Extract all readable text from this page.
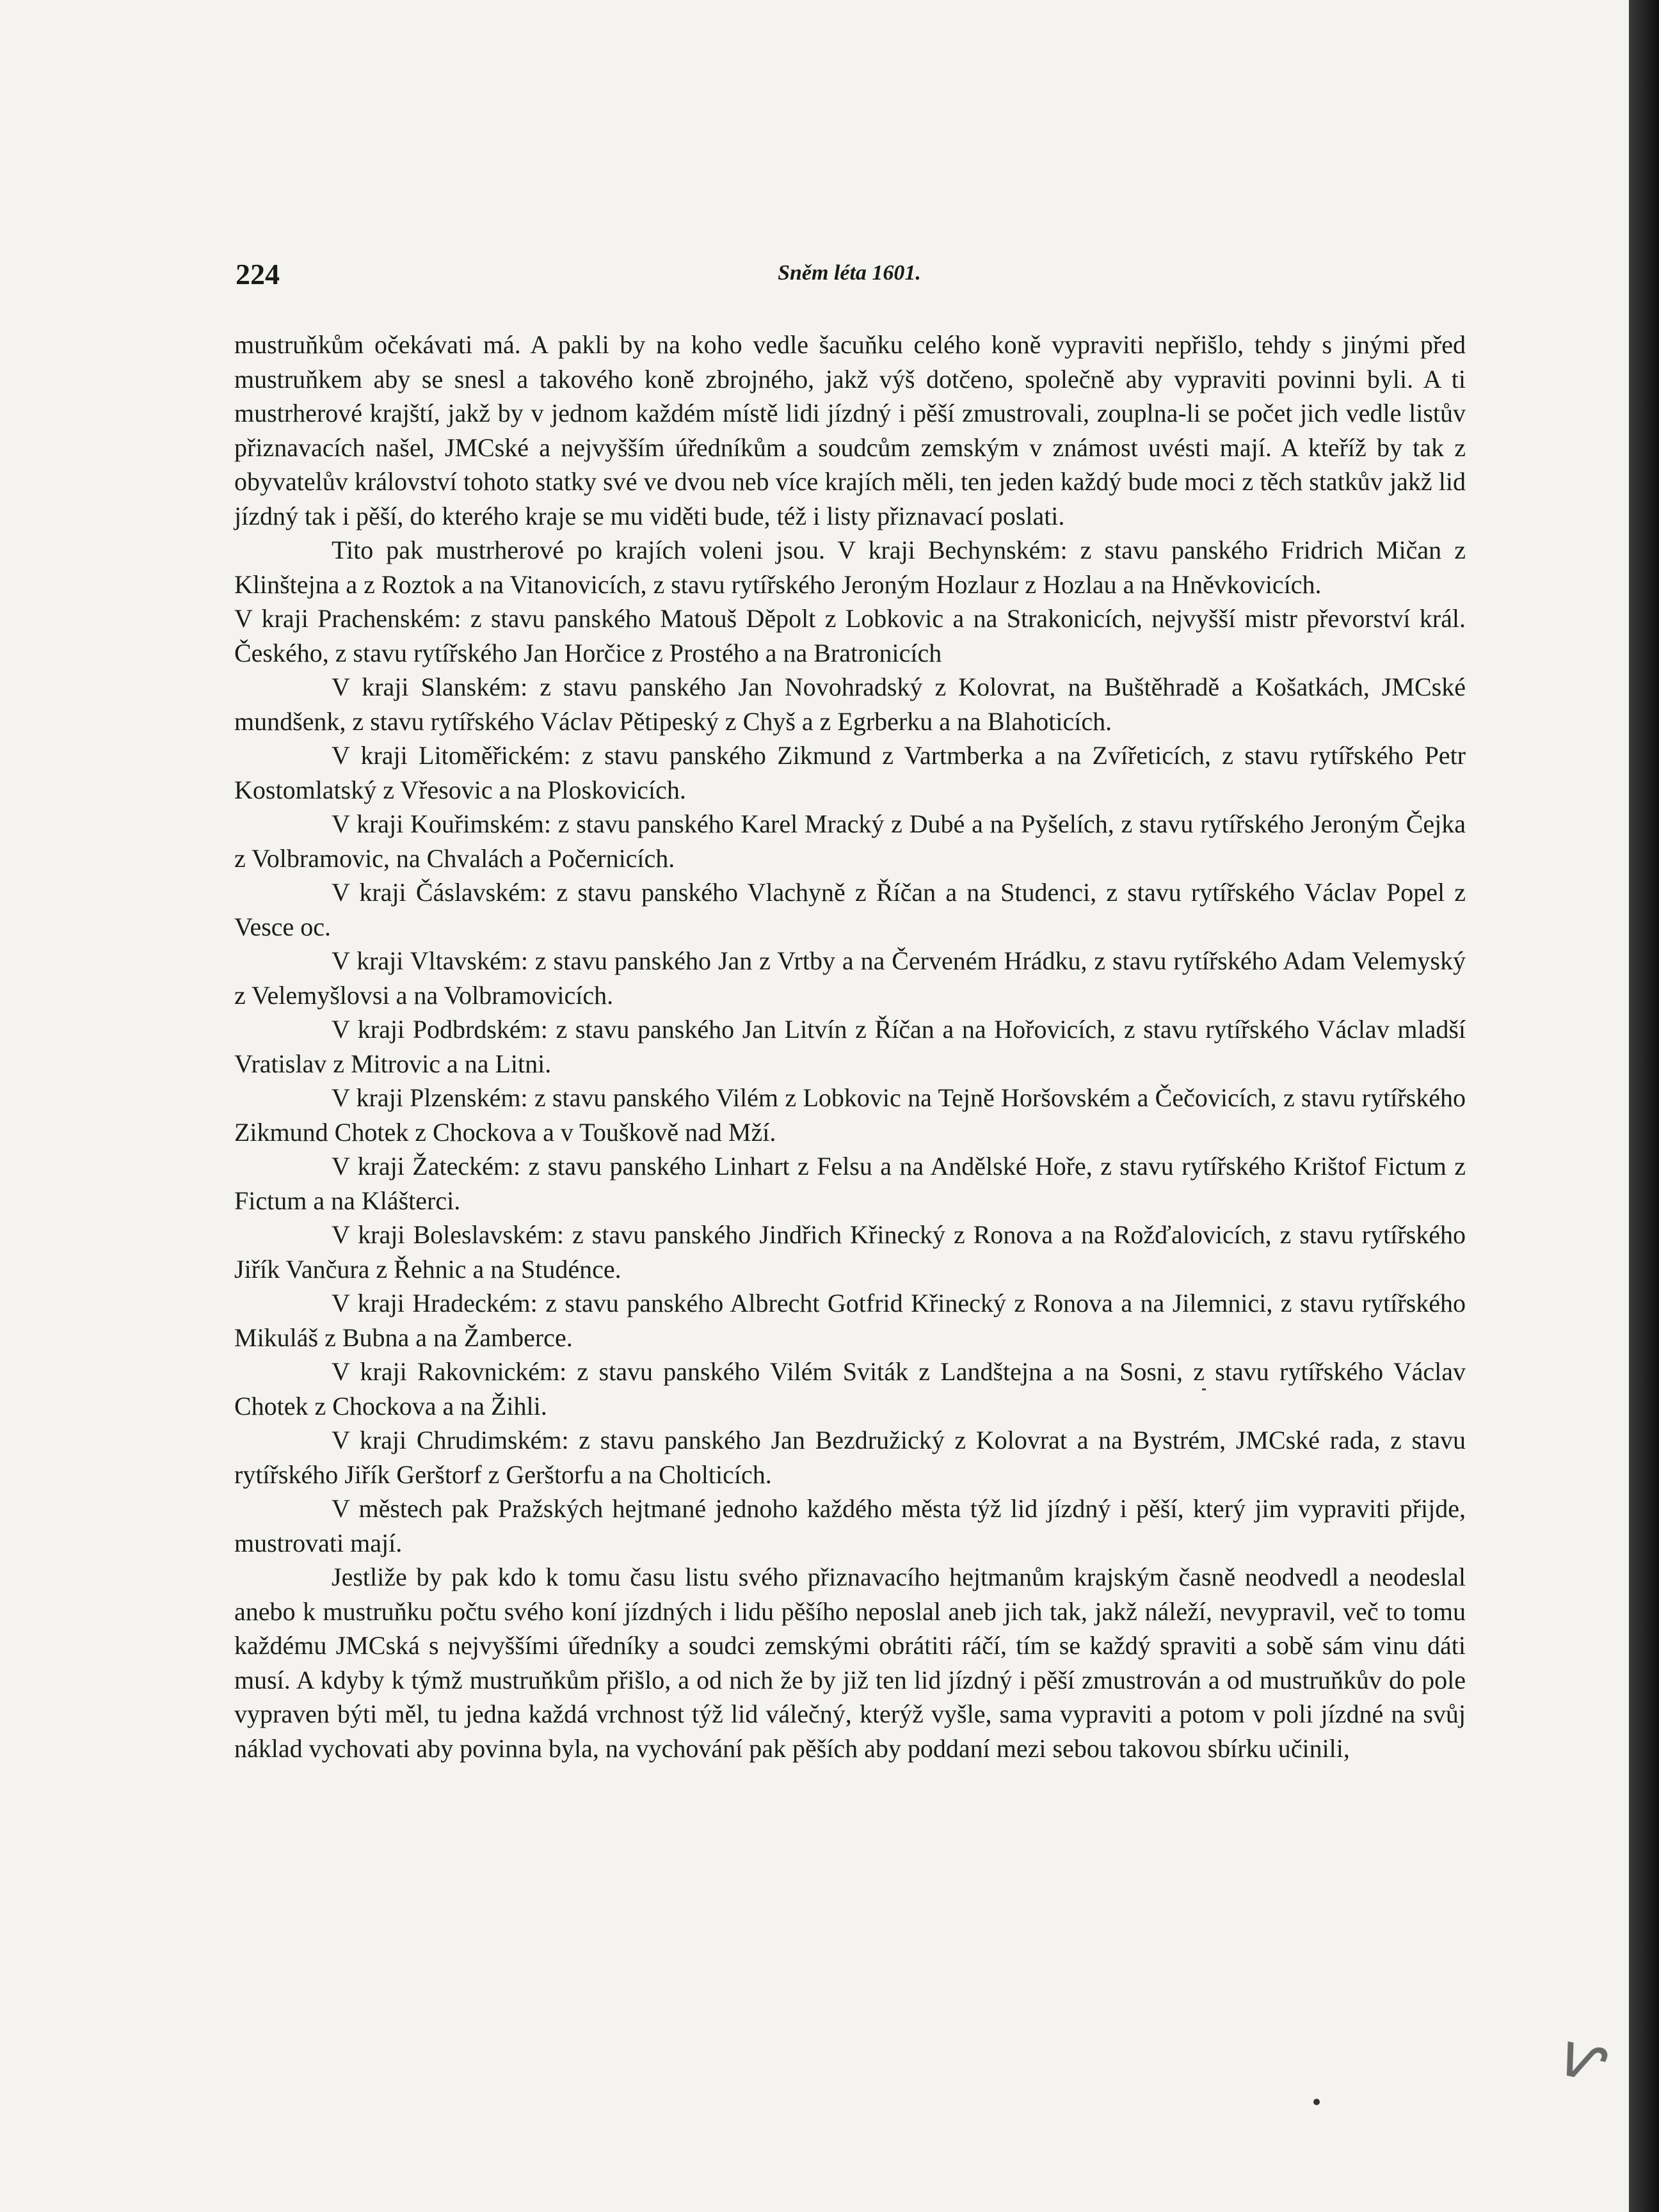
224	Sněm léta 1601.

mustruňkům očekávati má. A pakli by na koho vedle šacuňku celého koně vypraviti nepřišlo, tehdy s jinými před mustruňkem aby se snesl a takového koně zbrojného, jakž výš dotčeno, společně aby vypraviti povinni byli. A ti mustrherové krajští, jakž by v jednom každém místě lidi jízdný i pěší zmustrovali, zouplna-li se počet jich vedle listův přiznavacích našel, JMCské a nejvyšším úředníkům a soudcům zemským v známost uvésti mají. A kteříž by tak z obyvatelův království tohoto statky své ve dvou neb více krajích měli, ten jeden každý bude moci z těch statkův jakž lid jízdný tak i pěší, do kterého kraje se mu viděti bude, též i listy přiznavací poslati.

Tito pak mustrherové po krajích voleni jsou. V kraji Bechynském: z stavu panského Fridrich Mičan z Klinštejna a z Roztok a na Vitanovicích, z stavu rytířského Jeroným Hozlaur z Hozlau a na Hněvkovicích.

V kraji Prachenském: z stavu panského Matouš Děpolt z Lobkovic a na Strakonicích, nejvyšší mistr převorství král. Českého, z stavu rytířského Jan Horčice z Prostého a na Bratronicích

V kraji Slanském: z stavu panského Jan Novohradský z Kolovrat, na Buštěhradě a Košatkách, JMCské mundšenk, z stavu rytířského Václav Pětipeský z Chyš a z Egrberku a na Blahoticích.

V kraji Litoměřickém: z stavu panského Zikmund z Vartmberka a na Zvířeticích, z stavu rytířského Petr Kostomlatský z Vřesovic a na Ploskovicích.

V kraji Kouřimském: z stavu panského Karel Mracký z Dubé a na Pyšelích, z stavu rytířského Jeroným Čejka z Volbramovic, na Chvalách a Počernicích.

V kraji Čáslavském: z stavu panského Vlachyně z Říčan a na Studenci, z stavu rytířského Václav Popel z Vesce oc.

V kraji Vltavském: z stavu panského Jan z Vrtby a na Červeném Hrádku, z stavu rytířského Adam Velemyský z Velemyšlovsi a na Volbramovicích.

V kraji Podbrdském: z stavu panského Jan Litvín z Říčan a na Hořovicích, z stavu rytířského Václav mladší Vratislav z Mitrovic a na Litni.

V kraji Plzenském: z stavu panského Vilém z Lobkovic na Tejně Horšovském a Čečovicích, z stavu rytířského Zikmund Chotek z Chockova a v Touškově nad Mží.

V kraji Žateckém: z stavu panského Linhart z Felsu a na Andělské Hoře, z stavu rytířského Krištof Fictum z Fictum a na Klášterci.

V kraji Boleslavském: z stavu panského Jindřich Křinecký z Ronova a na Rožďalovicích, z stavu rytířského Jiřík Vančura z Řehnic a na Studénce.

V kraji Hradeckém: z stavu panského Albrecht Gotfrid Křinecký z Ronova a na Jilemnici, z stavu rytířského Mikuláš z Bubna a na Žamberce.

V kraji Rakovnickém: z stavu panského Vilém Sviták z Landštejna a na Sosni, z stavu rytířského Václav Chotek z Chockova a na Žihli.

V kraji Chrudimském: z stavu panského Jan Bezdružický z Kolovrat a na Bystrém, JMCské rada, z stavu rytířského Jiřík Gerštorf z Gerštorfu a na Cholticích.

V městech pak Pražských hejtmané jednoho každého města týž lid jízdný i pěší, který jim vypraviti přijde, mustrovati mají.

Jestliže by pak kdo k tomu času listu svého přiznavacího hejtmanům krajským časně neodvedl a neodeslal anebo k mustruňku počtu svého koní jízdných i lidu pěšího neposlal aneb jich tak, jakž náleží, nevypravil, več to tomu každému JMCská s nejvyššími úředníky a soudci zemskými obrátiti ráčí, tím se každý spraviti a sobě sám vinu dáti musí. A kdyby k týmž mustruňkům přišlo, a od nich že by již ten lid jízdný i pěší zmustrován a od mustruňkův do pole vypraven býti měl, tu jedna každá vrchnost týž lid válečný, kterýž vyšle, sama vypraviti a potom v poli jízdné na svůj náklad vychovati aby povinna byla, na vychování pak pěších aby poddaní mezi sebou takovou sbírku učinili,

ⱱ
